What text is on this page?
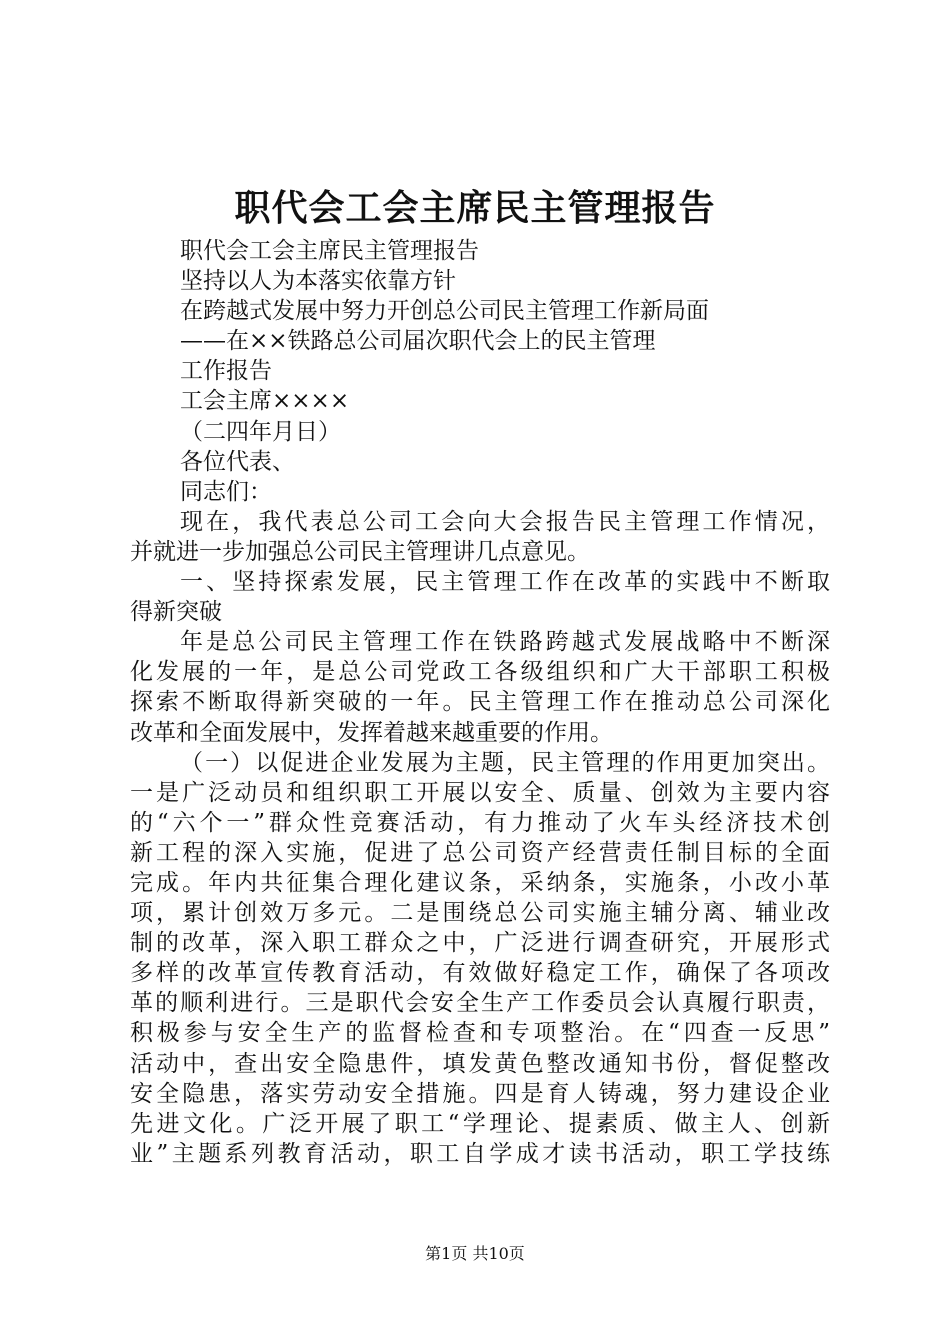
职代会工会主席民主管理报告
职代会工会主席民主管理报告
坚持以人为本落实依靠方针
在跨越式发展中努力开创总公司民主管理工作新局面
——在××铁路总公司届次职代会上的民主管理
工作报告
工会主席××××
（二四年月日）
各位代表、
同志们：
现在，我代表总公司工会向大会报告民主管理工作情况，
并就进一步加强总公司民主管理讲几点意见。
一、坚持探索发展，民主管理工作在改革的实践中不断取
得新突破
年是总公司民主管理工作在铁路跨越式发展战略中不断深
化发展的一年，是总公司党政工各级组织和广大干部职工积极
探索不断取得新突破的一年。民主管理工作在推动总公司深化
改革和全面发展中，发挥着越来越重要的作用。
（一）以促进企业发展为主题，民主管理的作用更加突出。
一是广泛动员和组织职工开展以安全、质量、创效为主要内容
的“六个一”群众性竞赛活动，有力推动了火车头经济技术创
新工程的深入实施，促进了总公司资产经营责任制目标的全面
完成。年内共征集合理化建议条，采纳条，实施条，小改小革
项，累计创效万多元。二是围绕总公司实施主辅分离、辅业改
制的改革，深入职工群众之中，广泛进行调查研究，开展形式
多样的改革宣传教育活动，有效做好稳定工作，确保了各项改
革的顺利进行。三是职代会安全生产工作委员会认真履行职责，
积极参与安全生产的监督检查和专项整治。在“四查一反思”
活动中，查出安全隐患件，填发黄色整改通知书份，督促整改
安全隐患，落实劳动安全措施。四是育人铸魂，努力建设企业
先进文化。广泛开展了职工“学理论、提素质、做主人、创新
业”主题系列教育活动，职工自学成才读书活动，职工学技练
第1页 共10页
